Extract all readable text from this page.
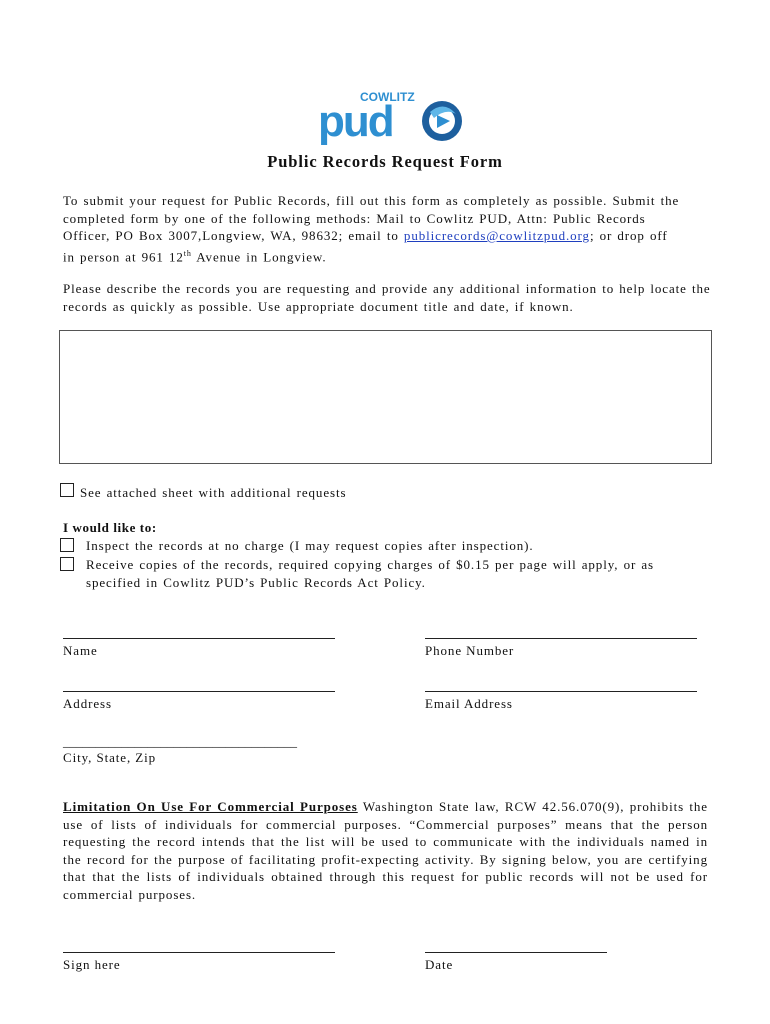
COWLITZ
pud
Public Records Request Form
To submit your request for Public Records, fill out this form as completely as possible. Submit the
completed form by one of the following methods: Mail to Cowlitz PUD, Attn: Public Records
Officer, PO Box 3007,Longview, WA, 98632; email to publicrecords@cowlitzpud.org; or drop off
in person at 961 12th Avenue in Longview.
Please describe the records you are requesting and provide any additional information to help locate the records as quickly as possible. Use appropriate document title and date, if known.
See attached sheet with additional requests
I would like to:
Inspect the records at no charge (I may request copies after inspection).
Receive copies of the records, required copying charges of $0.15 per page will apply, or as
specified in Cowlitz PUD’s Public Records Act Policy.
Name	Phone Number
Address	Email Address
____________________________________
City, State, Zip
Limitation On Use For Commercial Purposes Washington State law, RCW 42.56.070(9), prohibits the use of lists of individuals for commercial purposes. “Commercial purposes” means that the person requesting the record intends that the list will be used to communicate with the individuals named in the record for the purpose of facilitating profit-expecting activity. By signing below, you are certifying that that the lists of individuals obtained through this request for public records will not be used for commercial purposes.
Sign here	Date
